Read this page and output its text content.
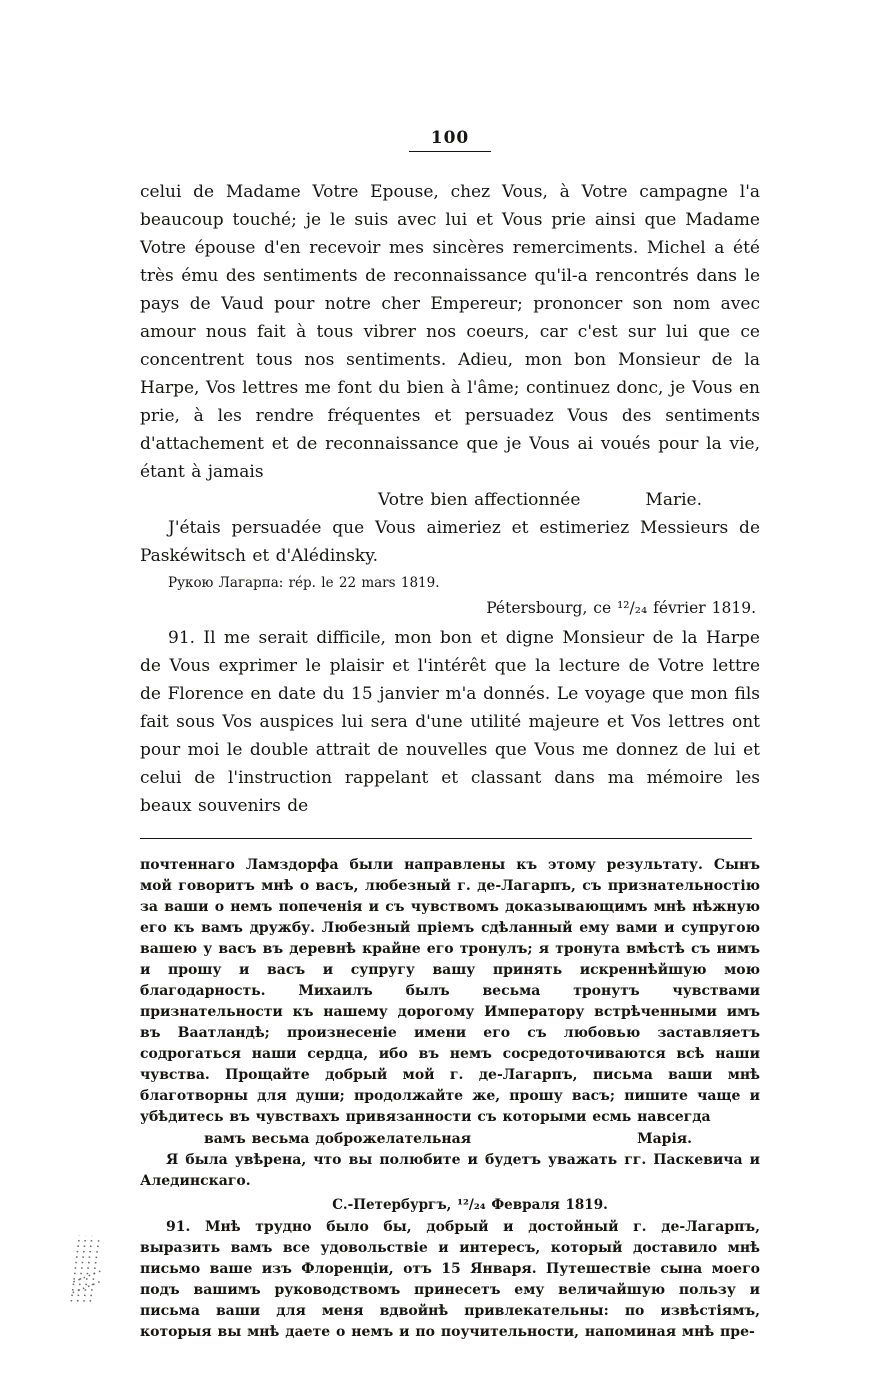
100

celui de Madame Votre Epouse, chez Vous, à Votre campagne l'a beaucoup touché; je le suis avec lui et Vous prie ainsi que Madame Votre épouse d'en recevoir mes sincères remerciments. Michel a été très ému des sentiments de reconnaissance qu'il-a rencontrés dans le pays de Vaud pour notre cher Empereur; prononcer son nom avec amour nous fait à tous vibrer nos coeurs, car c'est sur lui que ce concentrent tous nos sentiments. Adieu, mon bon Monsieur de la Harpe, Vos lettres me font du bien à l'âme; continuez donc, je Vous en prie, à les rendre fréquentes et persuadez Vous des sentiments d'attachement et de reconnaissance que je Vous ai voués pour la vie, étant à jamais

Votre bien affectionnée	Marie.

J'étais persuadée que Vous aimeriez et estimeriez Messieurs de Paskéwitsch et d'Alédinsky.

Рукою Лагарпа: rép. le 22 mars 1819.
Pétersbourg, ce ¹²/₂₄ février 1819.

91. Il me serait difficile, mon bon et digne Monsieur de la Harpe de Vous exprimer le plaisir et l'intérêt que la lecture de Votre lettre de Florence en date du 15 janvier m'a donnés. Le voyage que mon fils fait sous Vos auspices lui sera d'une utilité majeure et Vos lettres ont pour moi le double attrait de nouvelles que Vous me donnez de lui et celui de l'instruction rappelant et classant dans ma mémoire les beaux souvenirs de

почтеннаго Ламздорфа были направлены къ этому результату. Сынъ мой говоритъ мнѣ о васъ, любезный г. де-Лагарпъ, съ признательностію за ваши о немъ попеченія и съ чувствомъ доказывающимъ мнѣ нѣжную его къ вамъ дружбу. Любезный пріемъ сдѣланный ему вами и супругою вашею у васъ въ деревнѣ крайне его тронулъ; я тронута вмѣстѣ съ нимъ и прошу и васъ и супругу вашу принять искреннѣйшую мою благодарность. Михаилъ былъ весьма тронутъ чувствами признательности къ нашему дорогому Императору встрѣченными имъ въ Ваатландѣ; произнесеніе имени его съ любовью заставляетъ содрогаться наши сердца, ибо въ немъ сосредоточиваются всѣ наши чувства. Прощайте добрый мой г. де-Лагарпъ, письма ваши мнѣ благотворны для души; продолжайте же, прошу васъ; пишите чаще и убѣдитесь въ чувствахъ привязанности съ которыми есмь навсегда

вамъ весьма доброжелательная	Марія.

Я была увѣрена, что вы полюбите и будетъ уважать гг. Паскевича и Алединскаго.

С.-Петербургъ, ¹²/₂₄ Февраля 1819.

91. Мнѣ трудно было бы, добрый и достойный г. де-Лагарпъ, выразить вамъ все удовольствіе и интересъ, который доставило мнѣ письмо ваше изъ Флоренціи, отъ 15 Января. Путешествіе сына моего подъ вашимъ руководствомъ принесетъ ему величайшую пользу и письма ваши для меня вдвойнѣ привлекательны: по извѣстіямъ, которыя вы мнѣ даете о немъ и по поучительности, напоминая мнѣ пре-
